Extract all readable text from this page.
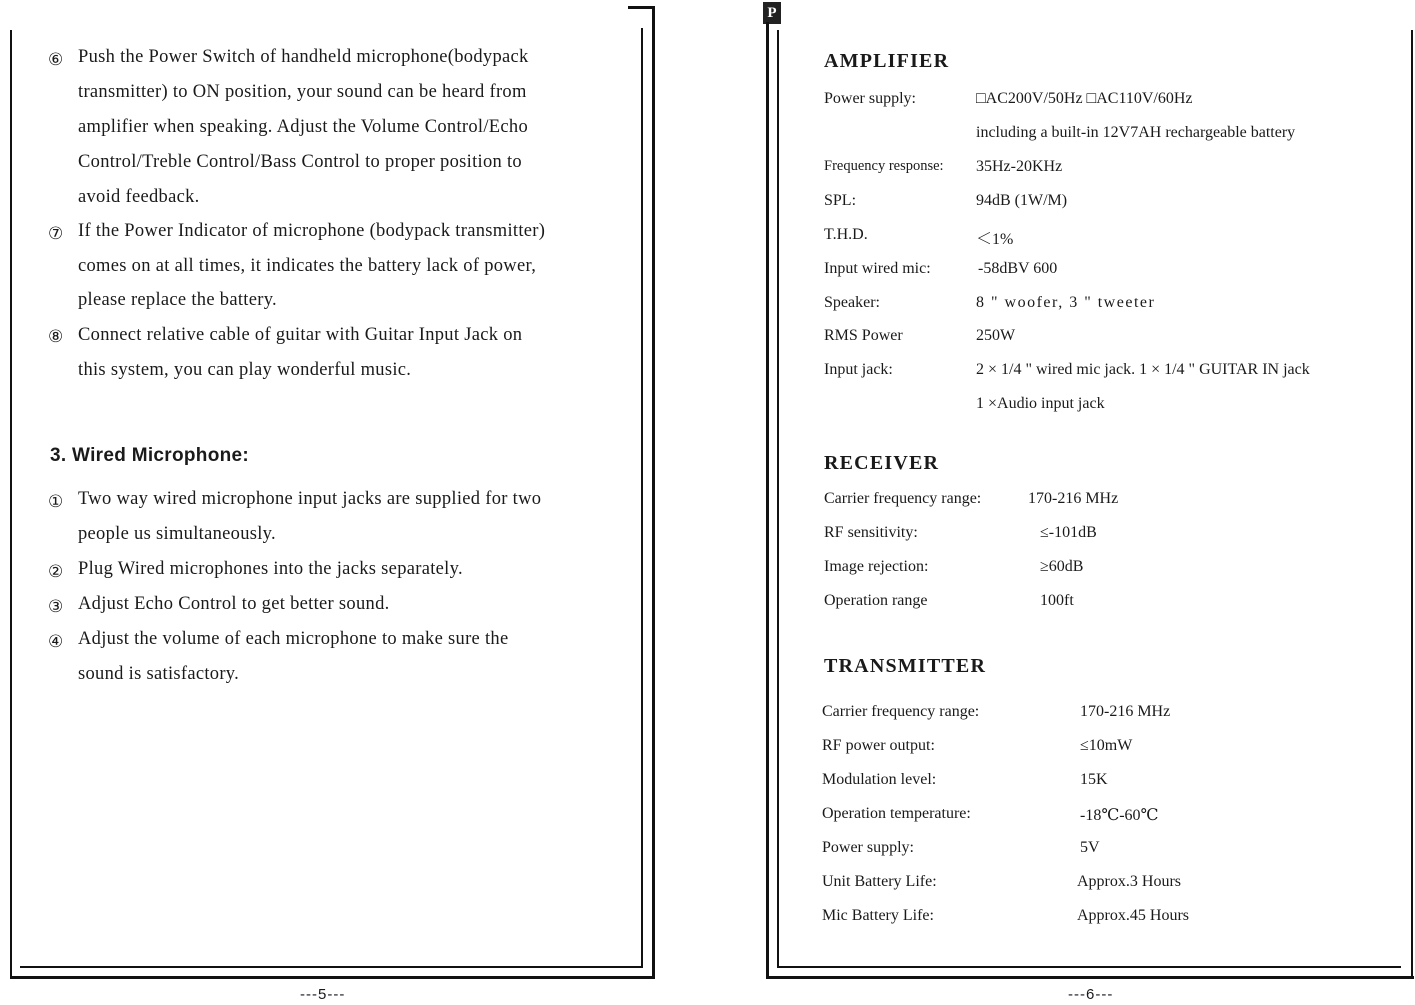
⑥ Push the Power Switch of handheld microphone(bodypack
transmitter) to ON position, your sound can be heard from
amplifier when speaking. Adjust the Volume Control/Echo
Control/Treble Control/Bass Control to proper position to
avoid feedback.
⑦ If the Power Indicator of microphone (bodypack transmitter)
comes on at all times, it indicates the battery lack of power,
please replace the battery.
⑧ Connect relative cable of guitar with Guitar Input Jack on
this system, you can play wonderful music.
3. Wired Microphone:
① Two way wired microphone input jacks are supplied for two
people us simultaneously.
② Plug Wired microphones into the jacks separately.
③ Adjust Echo Control to get better sound.
④ Adjust the volume of each microphone to make sure the
sound is satisfactory.
---5---
P
AMPLIFIER
Power supply:	□AC200V/50Hz □AC110V/60Hz
including a built-in 12V7AH rechargeable battery
Frequency response: 35Hz-20KHz
SPL:	94dB (1W/M)
T.H.D.	＜1%
Input wired mic:	-58dBV 600
Speaker:	8 " woofer, 3 " tweeter
RMS Power	250W
Input jack:	2 × 1/4 " wired mic jack. 1 × 1/4 " GUITAR IN jack
1 ×Audio input jack
RECEIVER
Carrier frequency range:	170-216 MHz
RF sensitivity:	≤-101dB
Image rejection:	≥60dB
Operation range	100ft
TRANSMITTER
Carrier frequency range:	170-216 MHz
RF power output:	≤10mW
Modulation level:	15K
Operation temperature:	-18℃-60℃
Power supply:	5V
Unit Battery Life:	Approx.3 Hours
Mic Battery Life:	Approx.45 Hours
---6---
